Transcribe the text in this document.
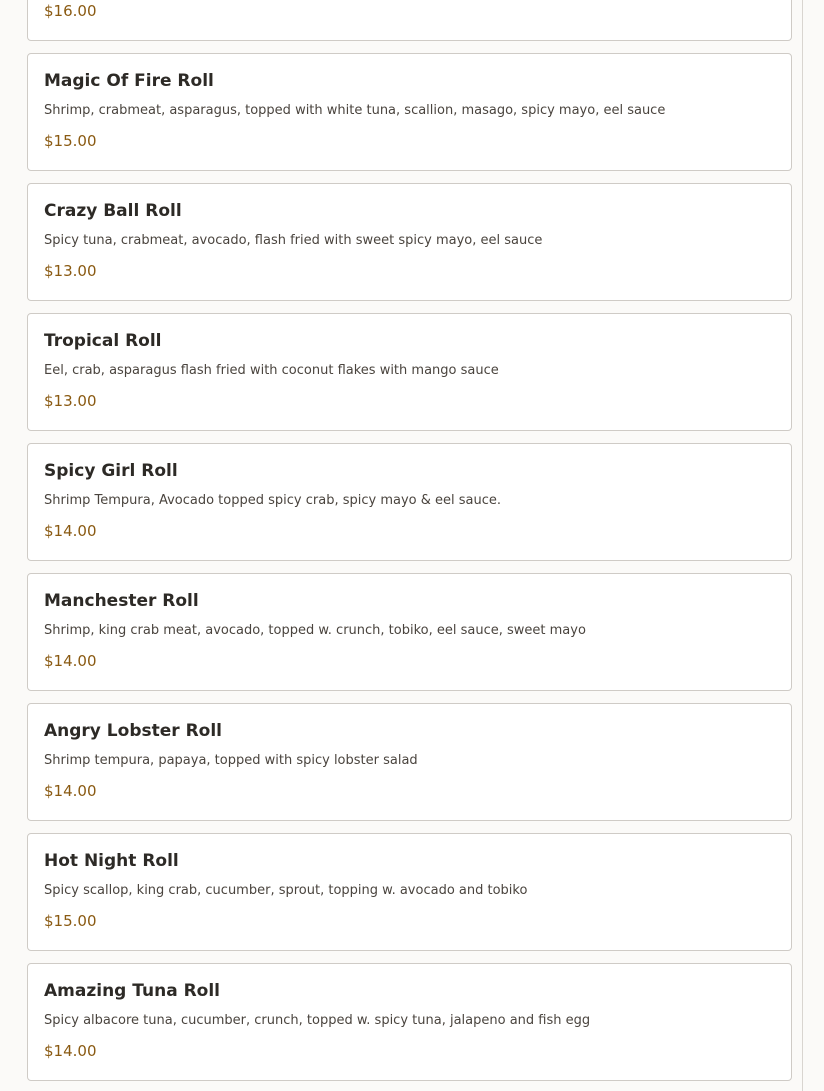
$16.00
Magic Of Fire Roll
Shrimp, crabmeat, asparagus, topped with white tuna, scallion, masago, spicy mayo, eel sauce
$15.00
Crazy Ball Roll
Spicy tuna, crabmeat, avocado, flash fried with sweet spicy mayo, eel sauce
$13.00
Tropical Roll
Eel, crab, asparagus flash fried with coconut flakes with mango sauce
$13.00
Spicy Girl Roll
Shrimp Tempura, Avocado topped spicy crab, spicy mayo & eel sauce.
$14.00
Manchester Roll
Shrimp, king crab meat, avocado, topped w. crunch, tobiko, eel sauce, sweet mayo
$14.00
Angry Lobster Roll
Shrimp tempura, papaya, topped with spicy lobster salad
$14.00
Hot Night Roll
Spicy scallop, king crab, cucumber, sprout, topping w. avocado and tobiko
$15.00
Amazing Tuna Roll
Spicy albacore tuna, cucumber, crunch, topped w. spicy tuna, jalapeno and fish egg
$14.00
